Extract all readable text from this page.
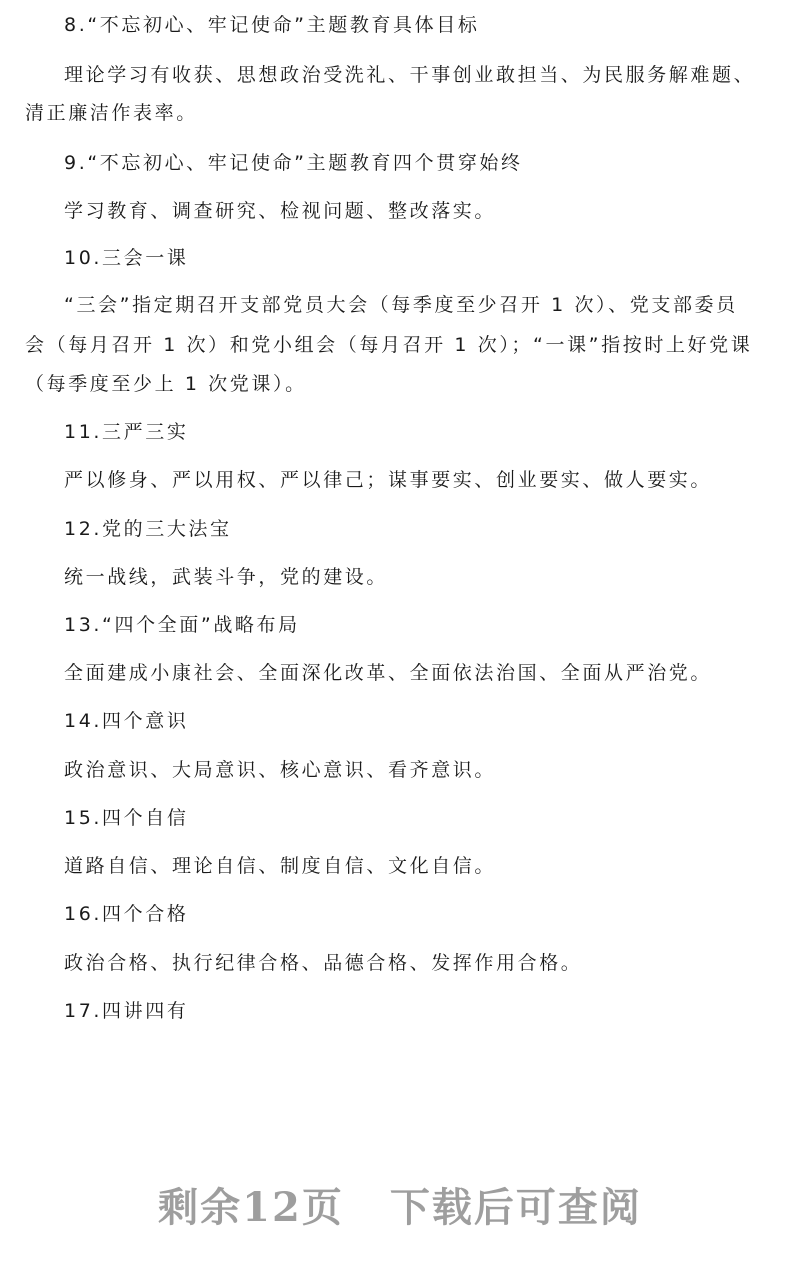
8.“不忘初心、牢记使命”主题教育具体目标
理论学习有收获、思想政治受洗礼、干事创业敢担当、为民服务解难题、
清正廉洁作表率。
9.“不忘初心、牢记使命”主题教育四个贯穿始终
学习教育、调查研究、检视问题、整改落实。
10.三会一课
“三会”指定期召开支部党员大会（每季度至少召开 1 次）、党支部委员
会（每月召开 1 次）和党小组会（每月召开 1 次）；“一课”指按时上好党课
（每季度至少上 1 次党课）。
11.三严三实
严以修身、严以用权、严以律己；谋事要实、创业要实、做人要实。
12.党的三大法宝
统一战线，武装斗争，党的建设。
13.“四个全面”战略布局
全面建成小康社会、全面深化改革、全面依法治国、全面从严治党。
14.四个意识
政治意识、大局意识、核心意识、看齐意识。
15.四个自信
道路自信、理论自信、制度自信、文化自信。
16.四个合格
政治合格、执行纪律合格、品德合格、发挥作用合格。
17.四讲四有
剩余12页 下载后可查阅
